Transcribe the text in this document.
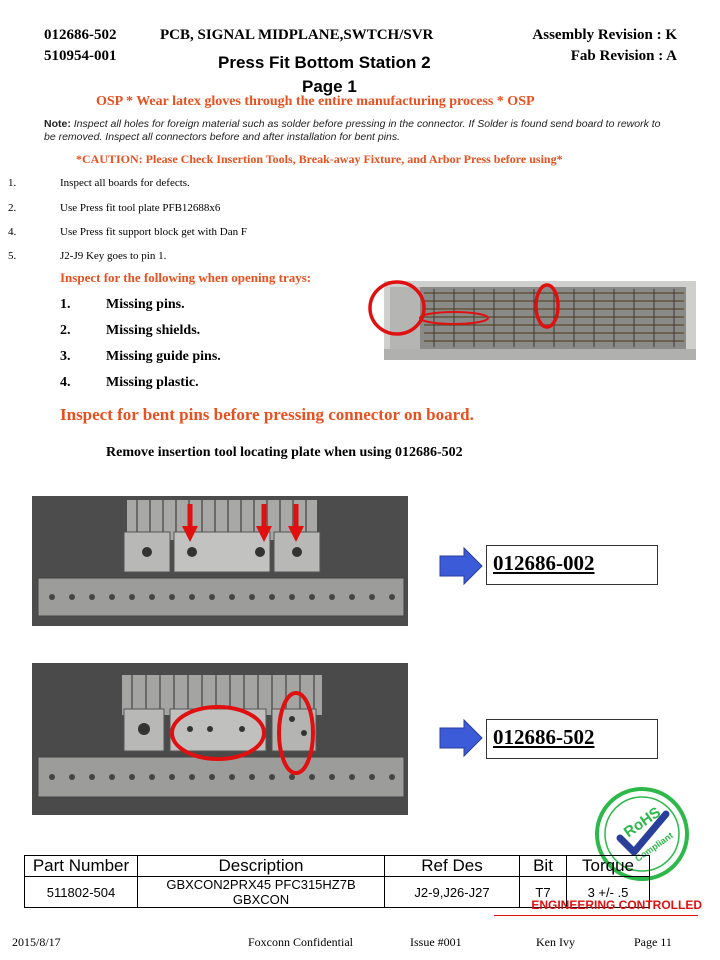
012686-502
510954-001
PCB, SIGNAL MIDPLANE,SWTCH/SVR	Assembly Revision : K
Fab Revision : A
Press Fit Bottom Station 2
Page 1
OSP * Wear latex gloves through the entire manufacturing process * OSP
Note: Inspect all holes for foreign material such as solder before pressing in the connector. If Solder is found send board to rework to be removed. Inspect all connectors before and after installation for bent pins.
*CAUTION: Please Check Insertion Tools, Break-away Fixture, and Arbor Press before using*
1.	Inspect all boards for defects.
2.	Use Press fit tool plate PFB12688x6
4.	Use Press fit support block get with Dan F
5.	J2-J9 Key goes to pin 1.
Inspect for the following when opening trays:
1.	Missing pins.
2.	Missing shields.
3.	Missing guide pins.
4.	Missing plastic.
Inspect for bent pins before pressing connector on board.
Remove insertion tool locating plate when using 012686-502
012686-002
012686-502
RoHS
Compliant
Part Number	Description	Ref Des	Bit	Torque
511802-504	GBXCON2PRX45 PFC315HZ7B GBXCON	J2-9,J26-J27	T7	3 +/- .5
ENGINEERING CONTROLLED
2015/8/17	Foxconn Confidential	Issue #001	Ken Ivy	Page 11
